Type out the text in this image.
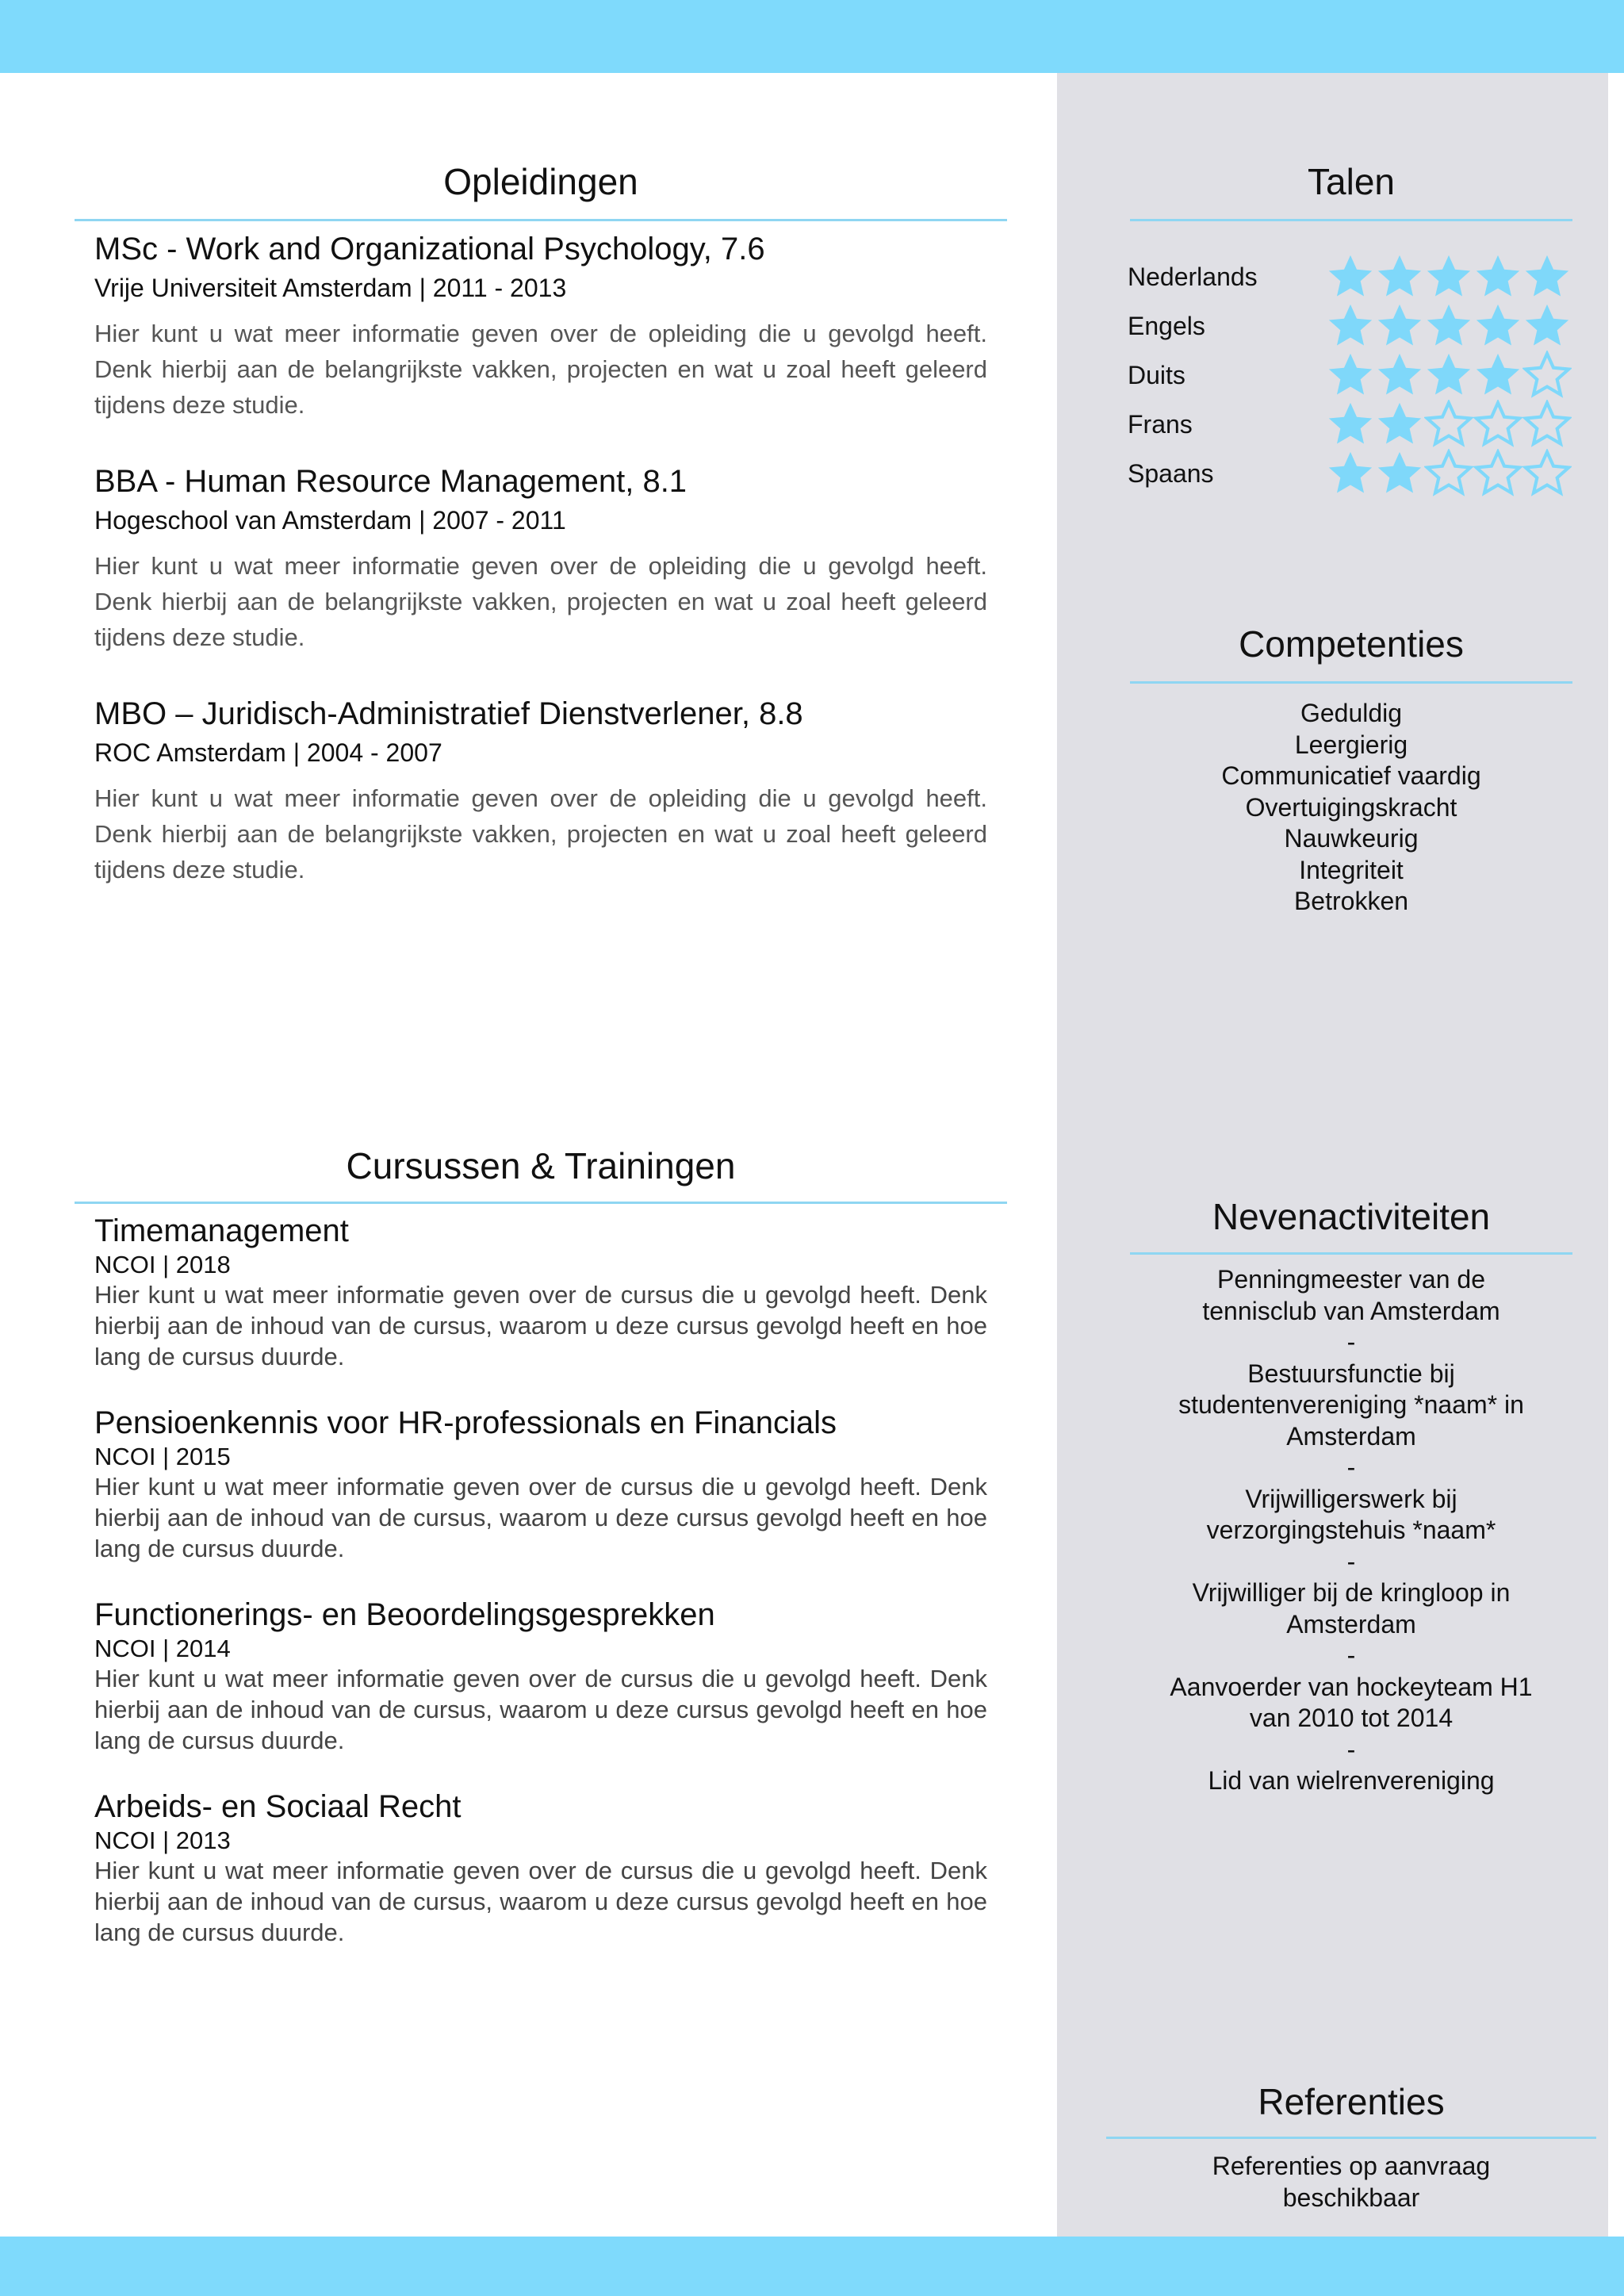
Opleidingen
MSc - Work and Organizational Psychology, 7.6
Vrije Universiteit Amsterdam | 2011 - 2013
Hier kunt u wat meer informatie geven over de opleiding die u gevolgd heeft. Denk hierbij aan de belangrijkste vakken, projecten en wat u zoal heeft geleerd tijdens deze studie.
BBA - Human Resource Management, 8.1
Hogeschool van Amsterdam | 2007 - 2011
Hier kunt u wat meer informatie geven over de opleiding die u gevolgd heeft. Denk hierbij aan de belangrijkste vakken, projecten en wat u zoal heeft geleerd tijdens deze studie.
MBO – Juridisch-Administratief Dienstverlener, 8.8
ROC Amsterdam | 2004 - 2007
Hier kunt u wat meer informatie geven over de opleiding die u gevolgd heeft. Denk hierbij aan de belangrijkste vakken, projecten en wat u zoal heeft geleerd tijdens deze studie.
Cursussen & Trainingen
Timemanagement
NCOI | 2018
Hier kunt u wat meer informatie geven over de cursus die u gevolgd heeft. Denk hierbij aan de inhoud van de cursus, waarom u deze cursus gevolgd heeft en hoe lang de cursus duurde.
Pensioenkennis voor HR-professionals en Financials
NCOI | 2015
Hier kunt u wat meer informatie geven over de cursus die u gevolgd heeft. Denk hierbij aan de inhoud van de cursus, waarom u deze cursus gevolgd heeft en hoe lang de cursus duurde.
Functionerings- en Beoordelingsgesprekken
NCOI | 2014
Hier kunt u wat meer informatie geven over de cursus die u gevolgd heeft. Denk hierbij aan de inhoud van de cursus, waarom u deze cursus gevolgd heeft en hoe lang de cursus duurde.
Arbeids- en Sociaal Recht
NCOI | 2013
Hier kunt u wat meer informatie geven over de cursus die u gevolgd heeft. Denk hierbij aan de inhoud van de cursus, waarom u deze cursus gevolgd heeft en hoe lang de cursus duurde.
Talen
Nederlands
Engels
Duits
Frans
Spaans
Competenties
Geduldig
Leergierig
Communicatief vaardig
Overtuigingskracht
Nauwkeurig
Integriteit
Betrokken
Nevenactiviteiten
Penningmeester van de
tennisclub van Amsterdam
-
Bestuursfunctie bij
studentenvereniging *naam* in
Amsterdam
-
Vrijwilligerswerk bij
verzorgingstehuis *naam*
-
Vrijwilliger bij de kringloop in
Amsterdam
-
Aanvoerder van hockeyteam H1
van 2010 tot 2014
-
Lid van wielrenvereniging
Referenties
Referenties op aanvraag
beschikbaar
